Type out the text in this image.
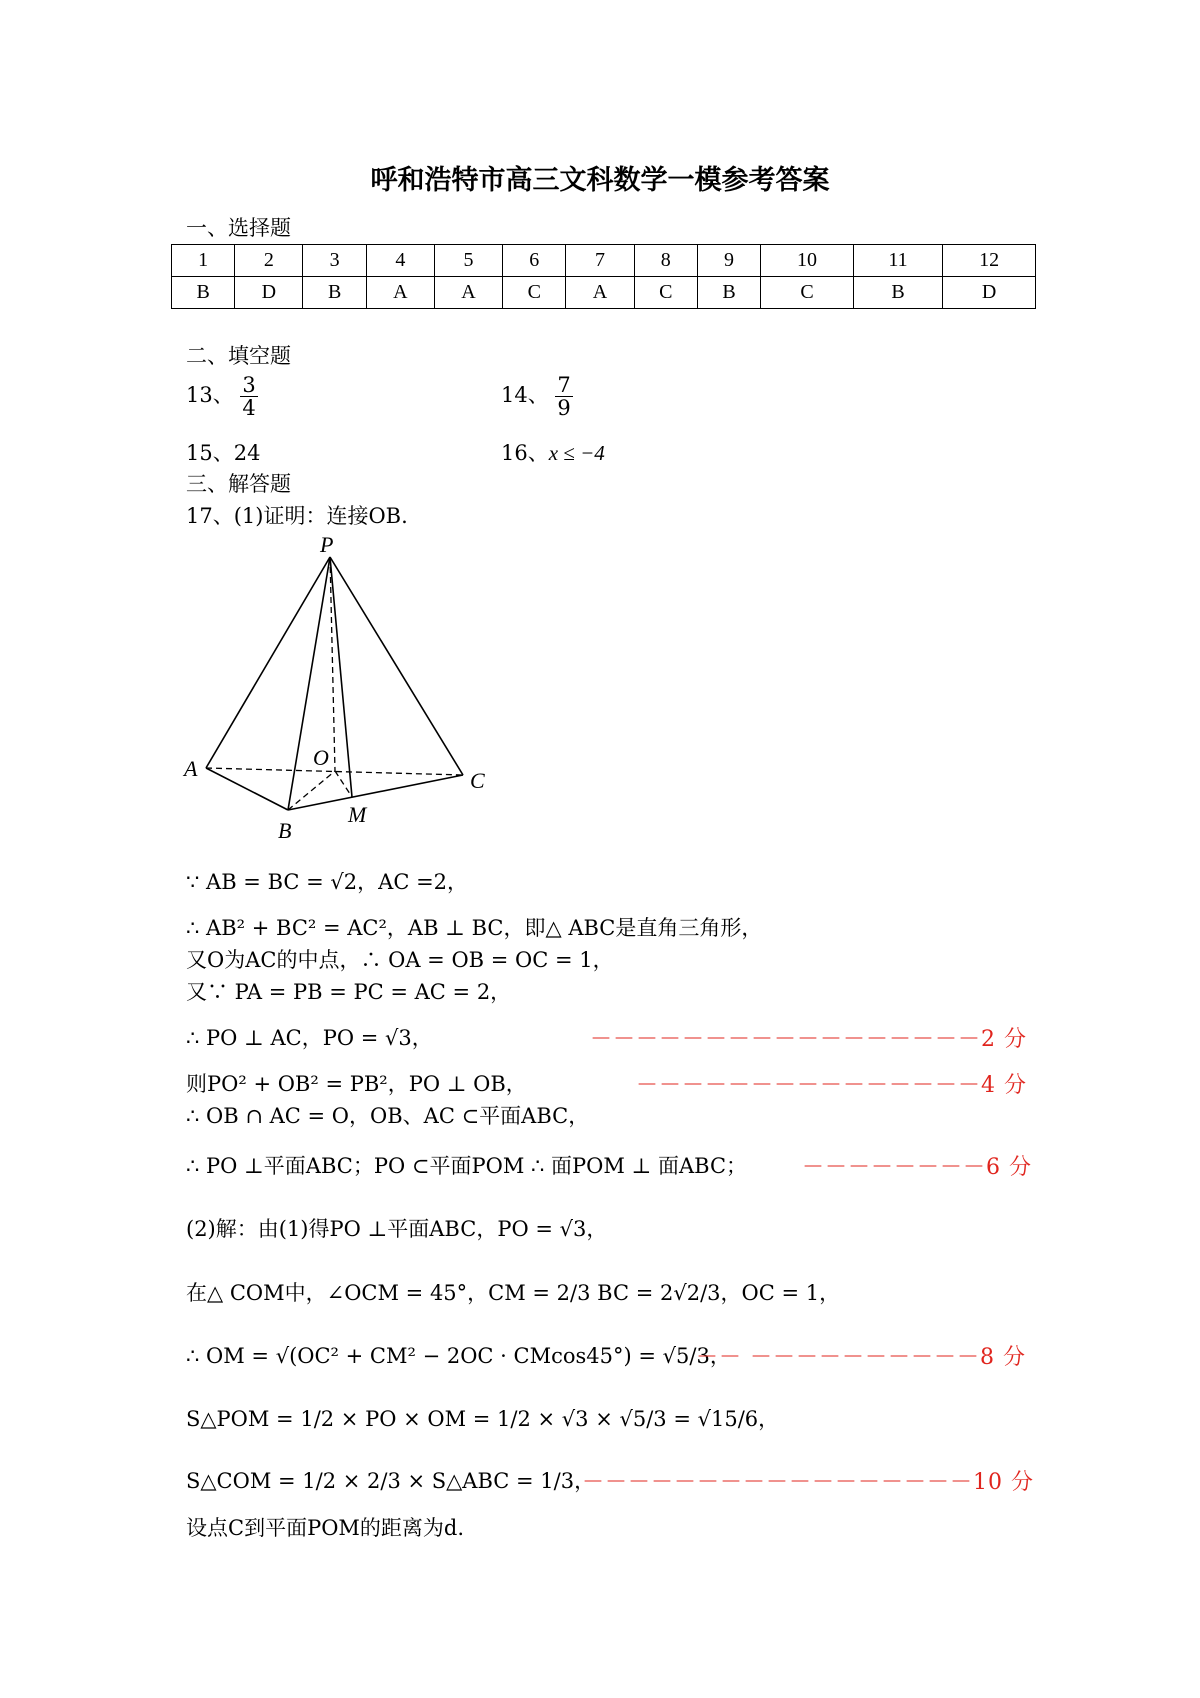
呼和浩特市高三文科数学一模参考答案
一、选择题
1	2	3	4	5	6	7	8	9	10	11	12
B	D	B	A	A	C	A	C	B	C	B	D
二、填空题
13、 $\frac{3}{4}$	14、 $\frac{7}{9}$
15、24	16、x ≤ −4
三、解答题
17、(1)证明：连接OB.
P
A	O
C
B
M
∵ AB = BC = √2，AC =2，
∴ AB² + BC² = AC²，AB ⊥ BC，即△ ABC是直角三角形，
又O为AC的中点，∴ OA = OB = OC = 1，
又∵ PA = PB = PC = AC = 2，
∴ PO ⊥ AC，PO = √3，	－－－－－－－－－－－－－－－－－2 分
则PO² + OB² = PB²，PO ⊥ OB，	－－－－－－－－－－－－－－－4 分
∴ OB ∩ AC = O，OB、AC ⊂平面ABC，
∴ PO ⊥平面ABC；PO ⊂平面POM ∴ 面POM ⊥ 面ABC； －－－－－－－－6 分
(2)解：由(1)得PO ⊥平面ABC，PO = √3，
在△ COM中，∠OCM = 45°，CM = 2/3 BC = 2√2/3，OC = 1，
∴ OM = √(OC² + CM² − 2OC · CMcos45°) = √5/3，
－－ －－－－－－－－－－8 分
S△POM = 1/2 × PO × OM = 1/2 × √3 × √5/3 = √15/6，
S△COM = 1/2 × 2/3 × S△ABC = 1/3，
－－－－－－－－－－－－－－－－－10 分
设点C到平面POM的距离为d.
